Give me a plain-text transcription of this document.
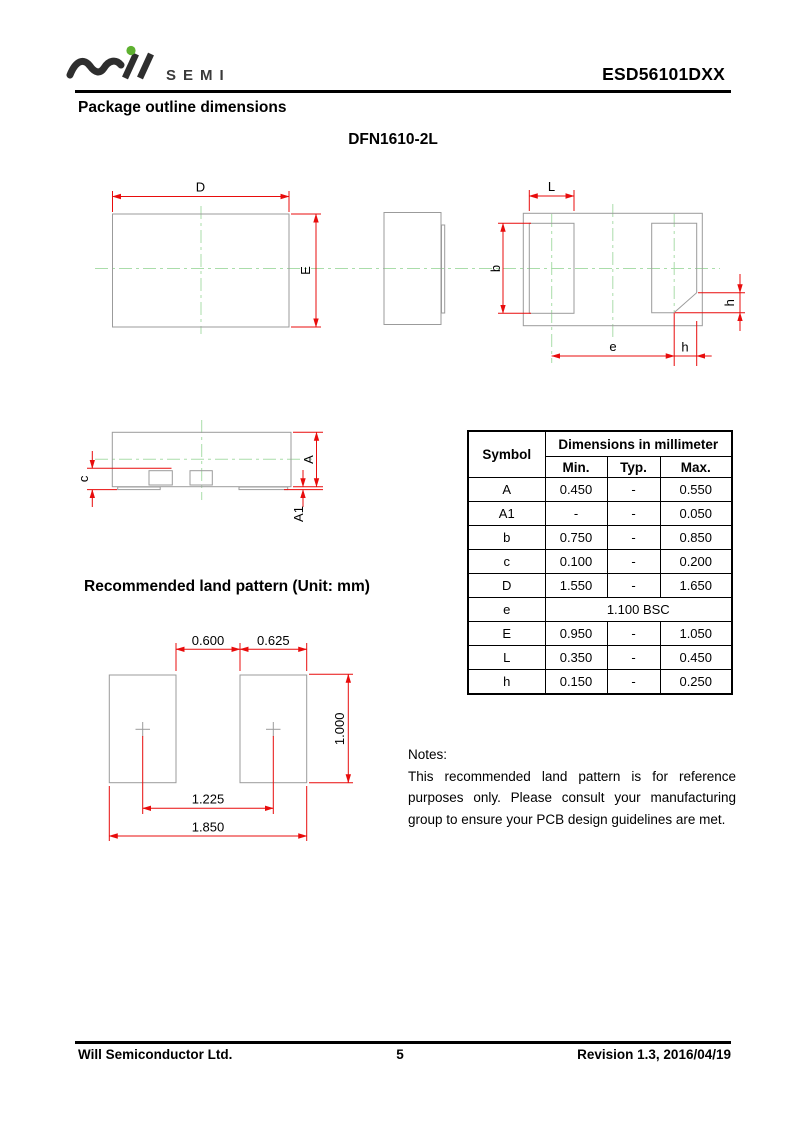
SEMI	ESD56101DXX
Package outline dimensions
DFN1610-2L
D
E
L
b
e	h
h
c
A
A1
0.600	0.625
1.000
1.225
1.850
Symbol	Dimensions in millimeter		
	Min.	Typ.	Max.
A	0.450	-	0.550
A1	-	-	0.050
b	0.750	-	0.850
c	0.100	-	0.200
D	1.550	-	1.650
e	1.100 BSC		
E	0.950	-	1.050
L	0.350	-	0.450
h	0.150	-	0.250
Recommended land pattern (Unit: mm)
Notes:

This recommended land pattern is for reference purposes only. Please consult your manufacturing group to ensure your PCB design guidelines are met.

Will Semiconductor Ltd.	5	Revision 1.3, 2016/04/19
